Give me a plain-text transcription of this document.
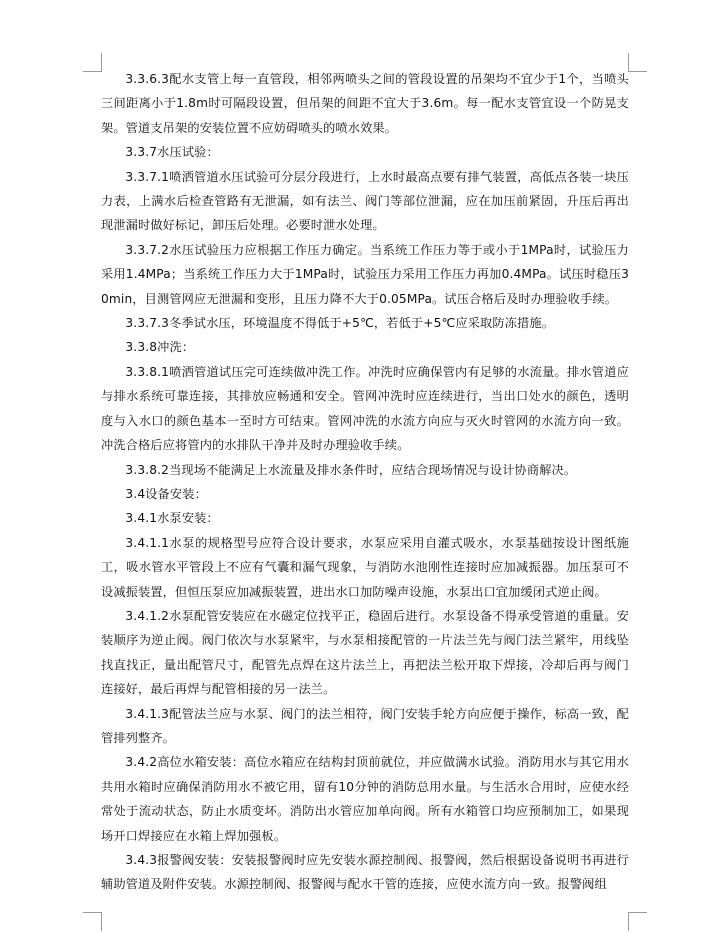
3.3.6.3配水支管上每一直管段，相邻两喷头之间的管段设置的吊架均不宜少于1个，当喷头三间距离小于1.8m时可隔段设置，但吊架的间距不宜大于3.6m。每一配水支管宜设一个防晃支架。管道支吊架的安装位置不应妨碍喷头的喷水效果。

3.3.7水压试验：

3.3.7.1喷洒管道水压试验可分层分段进行，上水时最高点要有排气装置，高低点各装一块压力表，上满水后检查管路有无泄漏，如有法兰、阀门等部位泄漏，应在加压前紧固，升压后再出现泄漏时做好标记，卸压后处理。必要时泄水处理。

3.3.7.2水压试验压力应根据工作压力确定。当系统工作压力等于或小于1MPa时，试验压力采用1.4MPa；当系统工作压力大于1MPa时，试验压力采用工作压力再加0.4MPa。试压时稳压30min，目测管网应无泄漏和变形，且压力降不大于0.05MPa。试压合格后及时办理验收手续。

3.3.7.3冬季试水压，环境温度不得低于+5℃，若低于+5℃应采取防冻措施。

3.3.8冲洗：

3.3.8.1喷洒管道试压完可连续做冲洗工作。冲洗时应确保管内有足够的水流量。排水管道应与排水系统可靠连接，其排放应畅通和安全。管网冲洗时应连续进行，当出口处水的颜色，透明度与入水口的颜色基本一至时方可结束。管网冲洗的水流方向应与灭火时管网的水流方向一致。冲洗合格后应将管内的水排队干净并及时办理验收手续。

3.3.8.2当现场不能满足上水流量及排水条件时，应结合现场情况与设计协商解决。

3.4设备安装：

3.4.1水泵安装：

3.4.1.1水泵的规格型号应符合设计要求，水泵应采用自灌式吸水，水泵基础按设计图纸施工，吸水管水平管段上不应有气囊和漏气现象，与消防水池刚性连接时应加减振器。加压泵可不设减振装置，但恒压泵应加减振装置，进出水口加防噪声设施，水泵出口宜加缓闭式逆止阀。

3.4.1.2水泵配管安装应在水磁定位找平正，稳固后进行。水泵设备不得承受管道的重量。安装顺序为逆止阀。阀门依次与水泵紧牢，与水泵相接配管的一片法兰先与阀门法兰紧牢，用线坠找直找正，量出配管尺寸，配管先点焊在这片法兰上，再把法兰松开取下焊接，冷却后再与阀门连接好，最后再焊与配管相接的另一法兰。

3.4.1.3配管法兰应与水泵、阀门的法兰相符，阀门安装手轮方向应便于操作，标高一致，配管排列整齐。

3.4.2高位水箱安装：高位水箱应在结构封顶前就位，并应做满水试验。消防用水与其它用水共用水箱时应确保消防用水不被它用，留有10分钟的消防总用水量。与生活水合用时，应使水经常处于流动状态，防止水质变坏。消防出水管应加单向阀。所有水箱管口均应预制加工，如果现场开口焊接应在水箱上焊加强板。

3.4.3报警阀安装：安装报警阀时应先安装水源控制阀、报警阀，然后根据设备说明书再进行辅助管道及附件安装。水源控制阀、报警阀与配水干管的连接，应使水流方向一致。报警阀组
